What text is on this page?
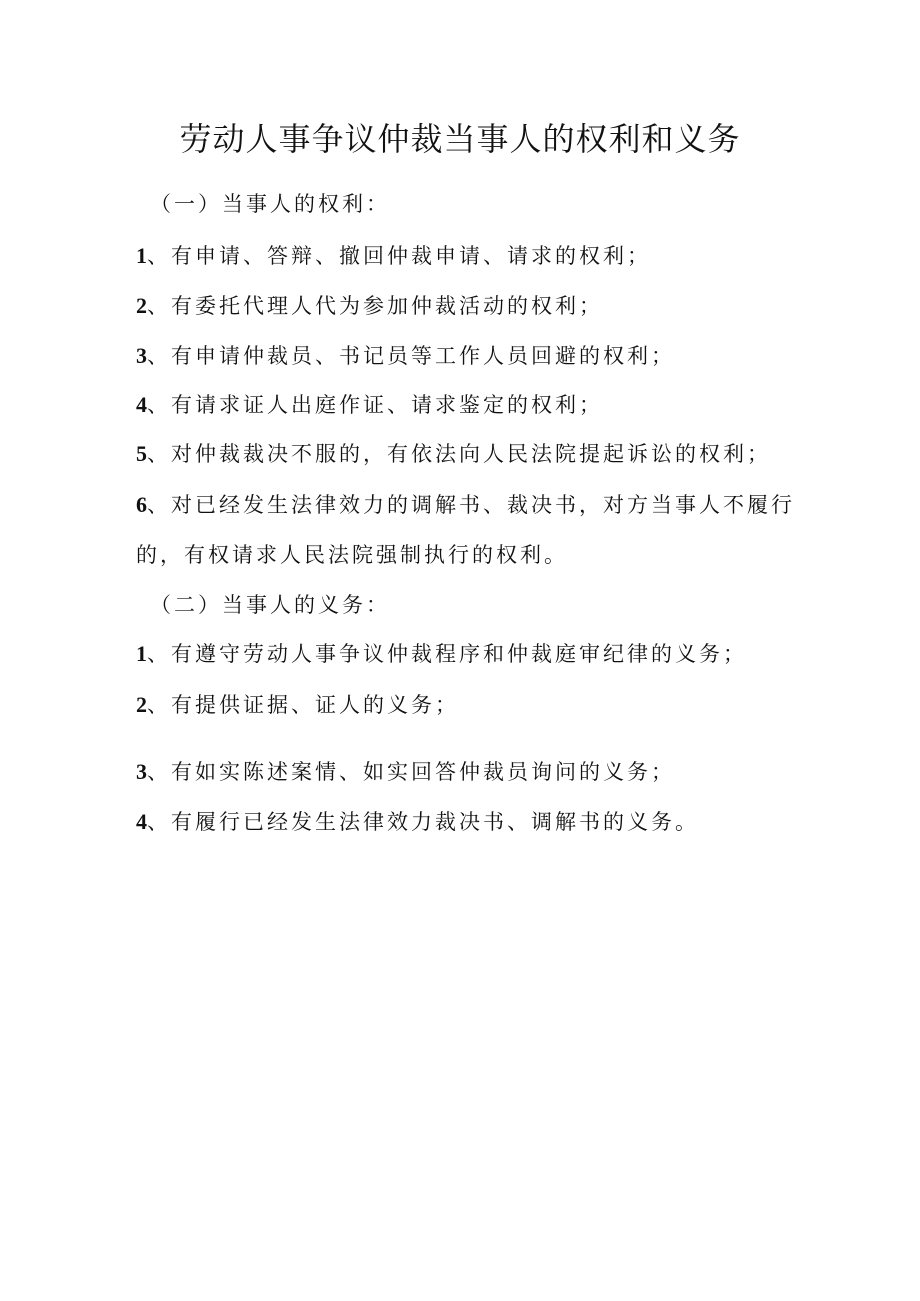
劳动人事争议仲裁当事人的权利和义务
（一）当事人的权利：
1、有申请、答辩、撤回仲裁申请、请求的权利；
2、有委托代理人代为参加仲裁活动的权利；
3、有申请仲裁员、书记员等工作人员回避的权利；
4、有请求证人出庭作证、请求鉴定的权利；
5、对仲裁裁决不服的，有依法向人民法院提起诉讼的权利；
6、对已经发生法律效力的调解书、裁决书，对方当事人不履行
的，有权请求人民法院强制执行的权利。
（二）当事人的义务：
1、有遵守劳动人事争议仲裁程序和仲裁庭审纪律的义务；
2、有提供证据、证人的义务；
3、有如实陈述案情、如实回答仲裁员询问的义务；
4、有履行已经发生法律效力裁决书、调解书的义务。
